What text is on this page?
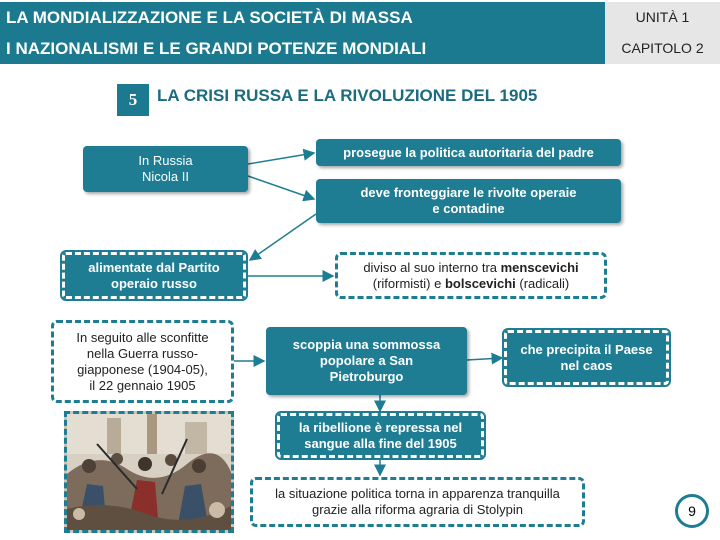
LA MONDIALIZZAZIONE E LA SOCIETÀ DI MASSA
I NAZIONALISMI E LE GRANDI POTENZE MONDIALI
UNITÀ 1
CAPITOLO 2
5	LA CRISI RUSSA E LA RIVOLUZIONE DEL 1905
In Russia
Nicola II
prosegue la politica autoritaria del padre
deve fronteggiare le rivolte operaie
e contadine
alimentate dal Partito
operaio russo
diviso al suo interno tra menscevichi
(riformisti) e bolscevichi (radicali)
In seguito alle sconfitte
nella Guerra russo-
giapponese (1904-05),
il 22 gennaio 1905
scoppia una sommossa
popolare a San
Pietroburgo
che precipita il Paese
nel caos
la ribellione è repressa nel
sangue alla fine del 1905
la situazione politica torna in apparenza tranquilla
grazie alla riforma agraria di Stolypin	9
